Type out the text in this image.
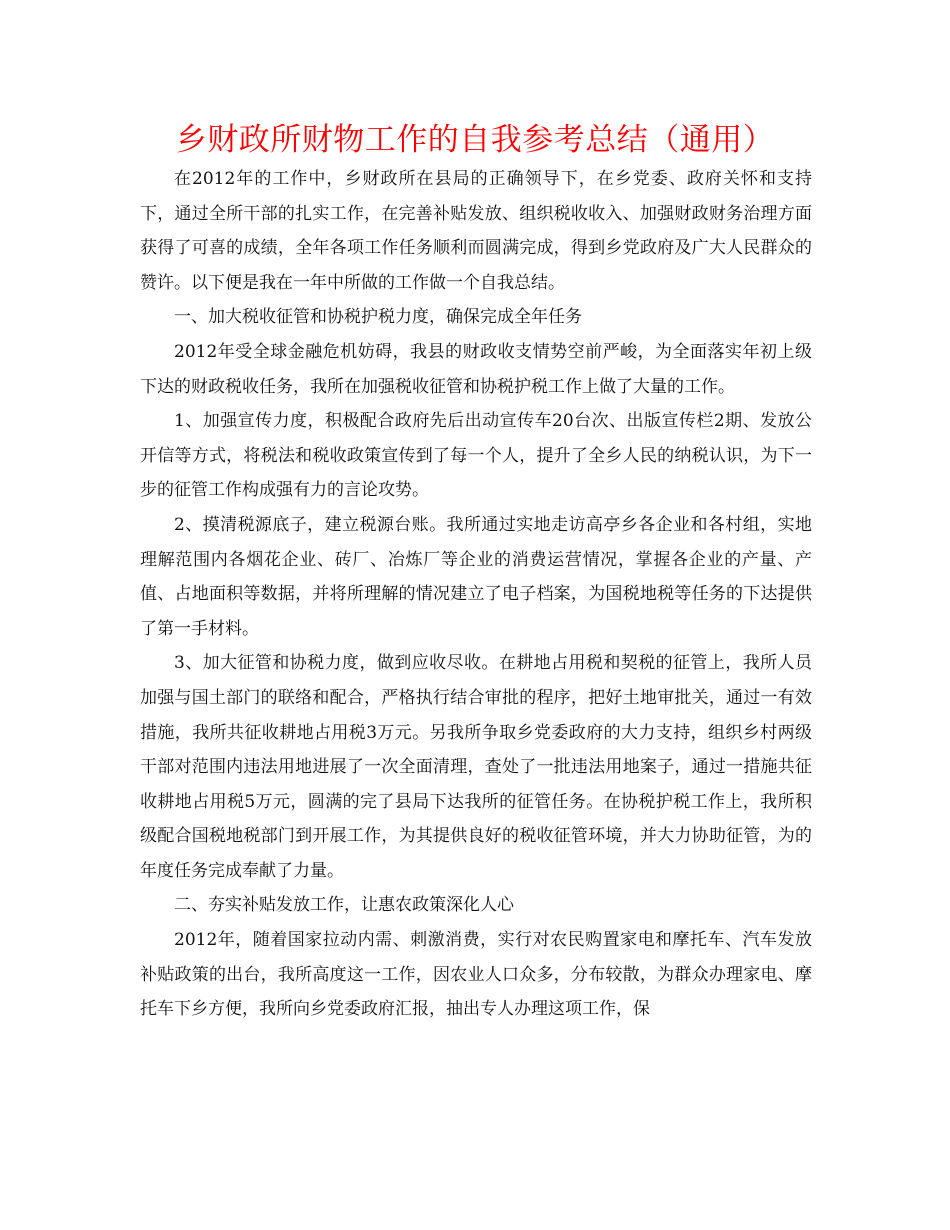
乡财政所财物工作的自我参考总结（通用）

在2012年的工作中，乡财政所在县局的正确领导下，在乡党委、政府关怀和支持下，通过全所干部的扎实工作，在完善补贴发放、组织税收收入、加强财政财务治理方面获得了可喜的成绩，全年各项工作任务顺利而圆满完成，得到乡党政府及广大人民群众的赞许。以下便是我在一年中所做的工作做一个自我总结。

一、加大税收征管和协税护税力度，确保完成全年任务

2012年受全球金融危机妨碍，我县的财政收支情势空前严峻，为全面落实年初上级下达的财政税收任务，我所在加强税收征管和协税护税工作上做了大量的工作。

1、加强宣传力度，积极配合政府先后出动宣传车20台次、出版宣传栏2期、发放公开信等方式，将税法和税收政策宣传到了每一个人，提升了全乡人民的纳税认识，为下一步的征管工作构成强有力的言论攻势。

2、摸清税源底子，建立税源台账。我所通过实地走访高亭乡各企业和各村组，实地理解范围内各烟花企业、砖厂、冶炼厂等企业的消费运营情况，掌握各企业的产量、产值、占地面积等数据，并将所理解的情况建立了电子档案，为国税地税等任务的下达提供了第一手材料。

3、加大征管和协税力度，做到应收尽收。在耕地占用税和契税的征管上，我所人员加强与国土部门的联络和配合，严格执行结合审批的程序，把好土地审批关，通过一有效措施，我所共征收耕地占用税3万元。另我所争取乡党委政府的大力支持，组织乡村两级干部对范围内违法用地进展了一次全面清理，查处了一批违法用地案子，通过一措施共征收耕地占用税5万元，圆满的完了县局下达我所的征管任务。在协税护税工作上，我所积级配合国税地税部门到开展工作，为其提供良好的税收征管环境，并大力协助征管，为的年度任务完成奉献了力量。

二、夯实补贴发放工作，让惠农政策深化人心

2012年，随着国家拉动内需、刺激消费，实行对农民购置家电和摩托车、汽车发放补贴政策的出台，我所高度这一工作，因农业人口众多，分布较散，为群众办理家电、摩托车下乡方便，我所向乡党委政府汇报，抽出专人办理这项工作，保
